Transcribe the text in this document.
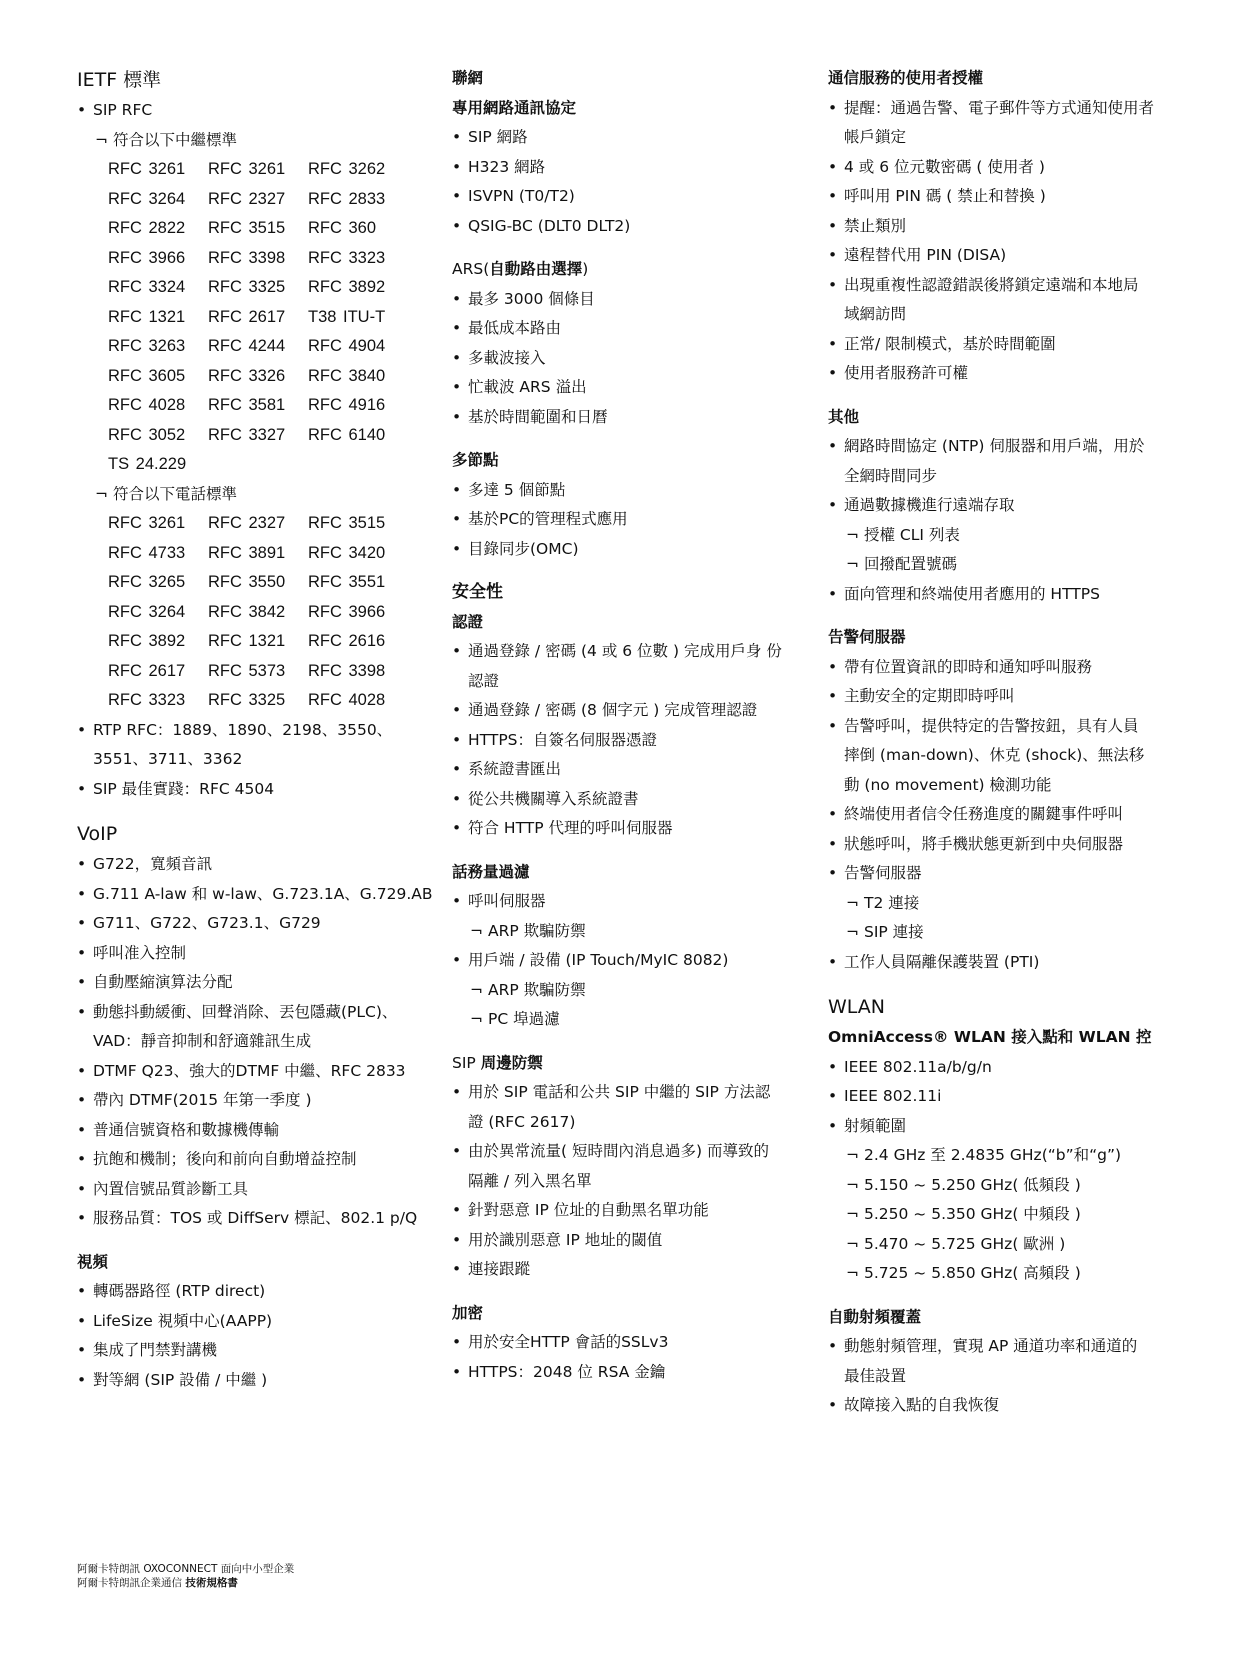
IETF 標準
• SIP RFC
¬ 符合以下中繼標準
RFC 3261 RFC 3261 RFC 3262
RFC 3264 RFC 2327 RFC 2833
RFC 2822 RFC 3515 RFC 360
RFC 3966 RFC 3398 RFC 3323
RFC 3324 RFC 3325 RFC 3892
RFC 1321 RFC 2617 T38 ITU-T
RFC 3263 RFC 4244 RFC 4904
RFC 3605 RFC 3326 RFC 3840
RFC 4028 RFC 3581 RFC 4916
RFC 3052 RFC 3327 RFC 6140
TS 24.229
¬ 符合以下電話標準
RFC 3261 RFC 2327 RFC 3515
RFC 4733 RFC 3891 RFC 3420
RFC 3265 RFC 3550 RFC 3551
RFC 3264 RFC 3842 RFC 3966
RFC 3892 RFC 1321 RFC 2616
RFC 2617 RFC 5373 RFC 3398
RFC 3323 RFC 3325 RFC 4028
• RTP RFC：1889、1890、2198、3550、
3551、3711、3362
• SIP 最佳實踐：RFC 4504
VoIP
• G722，寬頻音訊
• G.711 A-law 和 w-law、G.723.1A、G.729.AB
• G711、G722、G723.1、G729
• 呼叫准入控制
• 自動壓縮演算法分配
• 動態抖動緩衝、回聲消除、丟包隱藏(PLC)、
VAD：靜音抑制和舒適雜訊生成
• DTMF Q23、強大的DTMF 中繼、RFC 2833
• 帶內 DTMF(2015 年第一季度 )
• 普通信號資格和數據機傳輸
• 抗飽和機制；後向和前向自動增益控制
• 內置信號品質診斷工具
• 服務品質：TOS 或 DiffServ 標記、802.1 p/Q
視頻
• 轉碼器路徑 (RTP direct)
• LifeSize 視頻中心(AAPP)
• 集成了門禁對講機
• 對等網 (SIP 設備 / 中繼 )
聯網
專用網路通訊協定
• SIP 網路
• H323 網路
• ISVPN (T0/T2)
• QSIG-BC (DLT0 DLT2)
ARS(自動路由選擇)
• 最多 3000 個條目
• 最低成本路由
• 多載波接入
• 忙載波 ARS 溢出
• 基於時間範圍和日曆
多節點
• 多達 5 個節點
• 基於PC的管理程式應用
• 目錄同步(OMC)
安全性
認證
• 通過登錄 / 密碼 (4 或 6 位數 ) 完成用戶身 份
認證
• 通過登錄 / 密碼 (8 個字元 ) 完成管理認證
• HTTPS：自簽名伺服器憑證
• 系統證書匯出
• 從公共機關導入系統證書
• 符合 HTTP 代理的呼叫伺服器
話務量過濾
• 呼叫伺服器
¬ ARP 欺騙防禦
• 用戶端 / 設備 (IP Touch/MyIC 8082)
¬ ARP 欺騙防禦
¬ PC 埠過濾
SIP 周邊防禦
• 用於 SIP 電話和公共 SIP 中繼的 SIP 方法認
證 (RFC 2617)
• 由於異常流量( 短時間內消息過多) 而導致的
隔離 / 列入黑名單
• 針對惡意 IP 位址的自動黑名單功能
• 用於識別惡意 IP 地址的閾值
• 連接跟蹤
加密
• 用於安全HTTP 會話的SSLv3
• HTTPS：2048 位 RSA 金鑰
通信服務的使用者授權
• 提醒：通過告警、電子郵件等方式通知使用者
帳戶鎖定
• 4 或 6 位元數密碼 ( 使用者 )
• 呼叫用 PIN 碼 ( 禁止和替換 )
• 禁止類別
• 遠程替代用 PIN (DISA)
• 出現重複性認證錯誤後將鎖定遠端和本地局
域網訪問
• 正常/ 限制模式，基於時間範圍
• 使用者服務許可權
其他
• 網路時間協定 (NTP) 伺服器和用戶端，用於
全網時間同步
• 通過數據機進行遠端存取
¬ 授權 CLI 列表
¬ 回撥配置號碼
• 面向管理和終端使用者應用的 HTTPS
告警伺服器
• 帶有位置資訊的即時和通知呼叫服務
• 主動安全的定期即時呼叫
• 告警呼叫，提供特定的告警按鈕，具有人員
摔倒 (man-down)、休克 (shock)、無法移
動 (no movement) 檢測功能
• 終端使用者信令任務進度的關鍵事件呼叫
• 狀態呼叫，將手機狀態更新到中央伺服器
• 告警伺服器
¬ T2 連接
¬ SIP 連接
• 工作人員隔離保護裝置 (PTI)
WLAN
OmniAccess® WLAN 接入點和 WLAN 控
• IEEE 802.11a/b/g/n
• IEEE 802.11i
• 射頻範圍
¬ 2.4 GHz 至 2.4835 GHz(“b”和“g”)
¬ 5.150 ~ 5.250 GHz( 低頻段 )
¬ 5.250 ~ 5.350 GHz( 中頻段 )
¬ 5.470 ~ 5.725 GHz( 歐洲 )
¬ 5.725 ~ 5.850 GHz( 高頻段 )
自動射頻覆蓋
• 動態射頻管理，實現 AP 通道功率和通道的
最佳設置
• 故障接入點的自我恢復
阿爾卡特朗訊 OXOCONNECT 面向中小型企業
阿爾卡特朗訊企業通信 技術規格書
